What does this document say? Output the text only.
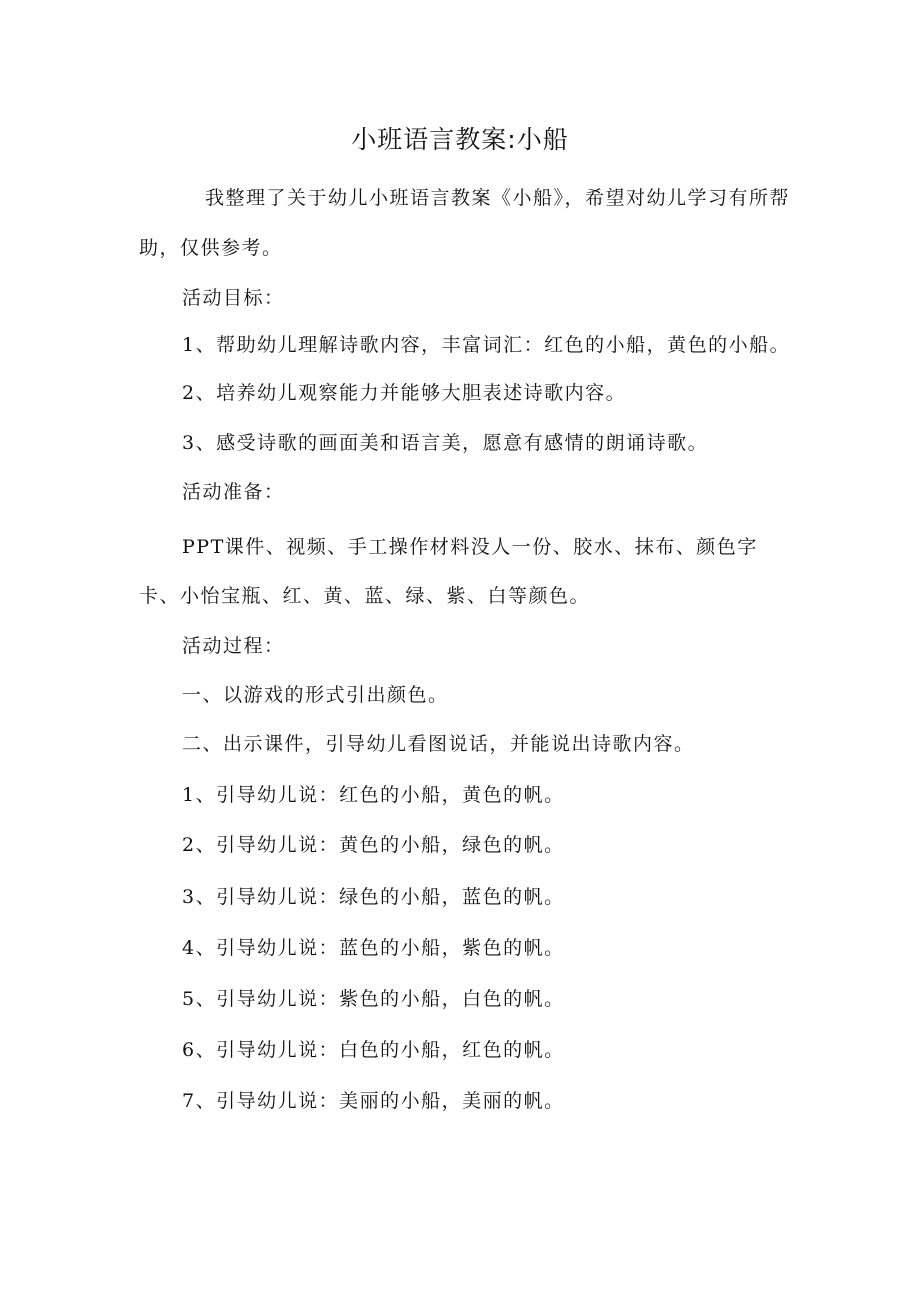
小班语言教案:小船
我整理了关于幼儿小班语言教案《小船》，希望对幼儿学习有所帮
助，仅供参考。
活动目标：
1、帮助幼儿理解诗歌内容，丰富词汇：红色的小船，黄色的小船。
2、培养幼儿观察能力并能够大胆表述诗歌内容。
3、感受诗歌的画面美和语言美，愿意有感情的朗诵诗歌。
活动准备：
PPT课件、视频、手工操作材料没人一份、胶水、抹布、颜色字
卡、小怡宝瓶、红、黄、蓝、绿、紫、白等颜色。
活动过程：
一、以游戏的形式引出颜色。
二、出示课件，引导幼儿看图说话，并能说出诗歌内容。
1、引导幼儿说：红色的小船，黄色的帆。
2、引导幼儿说：黄色的小船，绿色的帆。
3、引导幼儿说：绿色的小船，蓝色的帆。
4、引导幼儿说：蓝色的小船，紫色的帆。
5、引导幼儿说：紫色的小船，白色的帆。
6、引导幼儿说：白色的小船，红色的帆。
7、引导幼儿说：美丽的小船，美丽的帆。
